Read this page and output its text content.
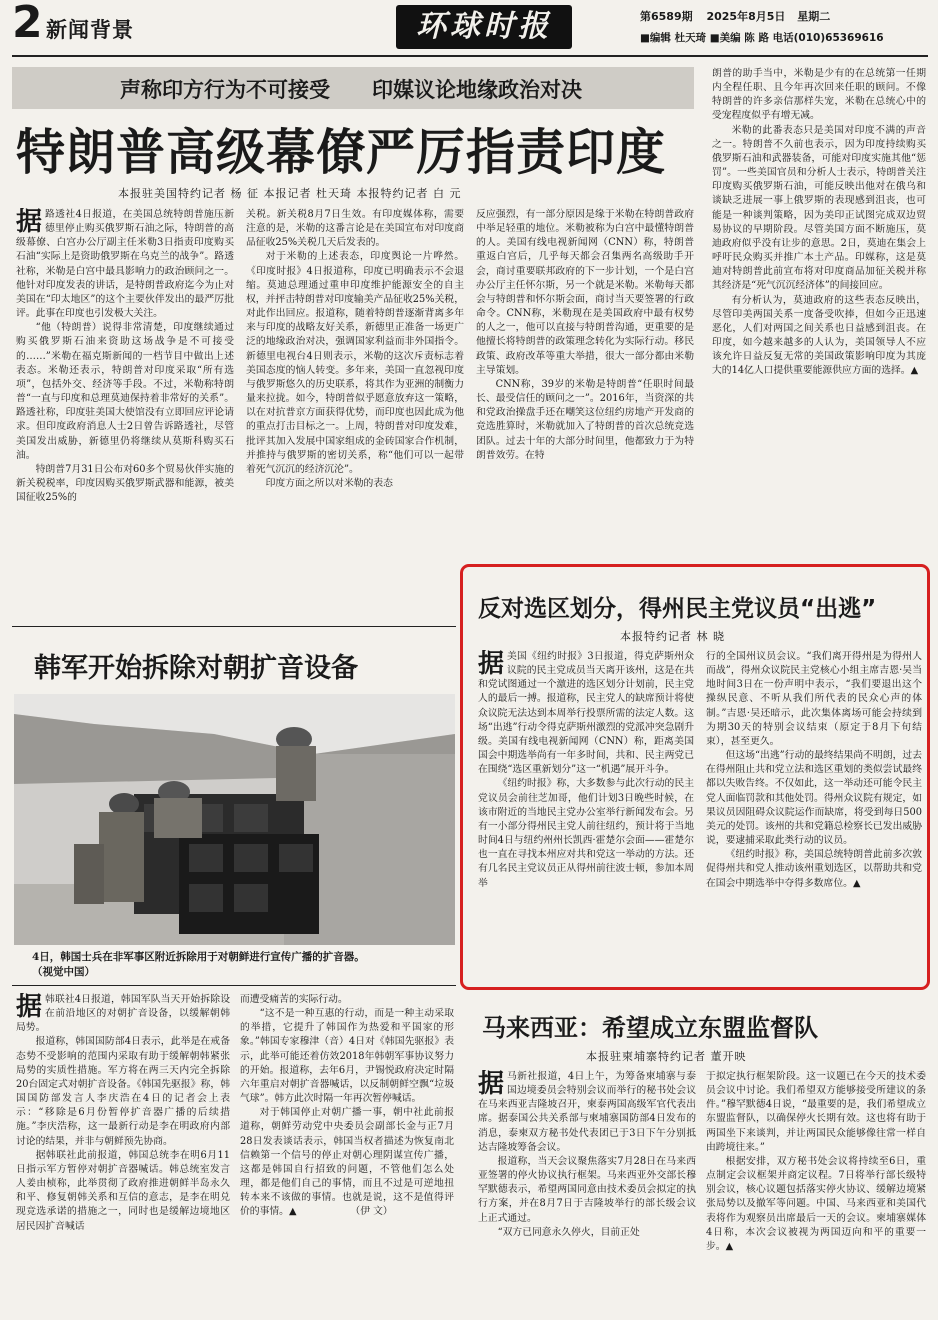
2 新闻背景	环球时报	第6589期 2025年8月5日 星期二
■编辑 杜天琦 ■美编 陈 路 电话(010)65369616
声称印方行为不可接受　　印媒议论地缘政治对决
特朗普高级幕僚严厉指责印度
本报驻美国特约记者 杨 征 本报记者 杜天琦 本报特约记者 白 元

朗普的助手当中，米勒是少有的在总统第一任期内全程任职、且今年再次回来任职的顾问。不像特朗普的许多亲信那样失宠，米勒在总统心中的受宠程度似乎有增无减。

米勒的此番表态只是美国对印度不满的声音之一。特朗普不久前也表示，因为印度持续购买俄罗斯石油和武器装备，可能对印度实施其他“惩罚”。一些美国官员和分析人士表示，特朗普关注印度购买俄罗斯石油，可能反映出他对在俄乌和谈缺乏进展一事上俄罗斯的表现感到沮丧，也可能是一种谈判策略，因为美印正试图完成双边贸易协议的早期阶段。尽管美国方面不断施压，莫迪政府似乎没有让步的意思。2日，莫迪在集会上呼吁民众购买并推广本土产品。印媒称，这是莫迪对特朗普此前宣布将对印度商品加征关税并称其经济是“死气沉沉经济体”的间接回应。

有分析认为，莫迪政府的这些表态反映出，尽管印美两国关系一度备受吹捧，但如今正迅速恶化，人们对两国之间关系也日益感到沮丧。在印度，如今越来越多的人认为，美国领导人不应该允许日益反复无常的美国政策影响印度为其庞大的14亿人口提供重要能源供应方面的选择。▲

据路透社4日报道，在美国总统特朗普施压新德里停止购买俄罗斯石油之际，特朗普的高级幕僚、白宫办公厅副主任米勒3日指责印度购买石油“实际上是资助俄罗斯在乌克兰的战争”。路透社称，米勒是白宫中最具影响力的政治顾问之一。他针对印度发表的讲话，是特朗普政府迄今为止对美国在“印太地区”的这个主要伙伴发出的最严厉批评。此事在印度也引发极大关注。

“他（特朗普）说得非常清楚，印度继续通过购买俄罗斯石油来资助这场战争是不可接受的……”米勒在福克斯新闻的一档节目中做出上述表态。米勒还表示，特朗普对印度采取“所有选项”，包括外交、经济等手段。不过，米勒称特朗普“一直与印度和总理莫迪保持着非常好的关系”。路透社称，印度驻美国大使馆没有立即回应评论请求。但印度政府消息人士2日曾告诉路透社，尽管美国发出威胁，新德里仍将继续从莫斯科购买石油。

特朗普7月31日公布对60多个贸易伙伴实施的新关税税率，印度因购买俄罗斯武器和能源，被美国征收25%的

关税。新关税8月7日生效。有印度媒体称，需要注意的是，米勒的这番言论是在美国宣布对印度商品征收25%关税几天后发表的。

对于米勒的上述表态，印度舆论一片哗然。《印度时报》4日报道称，印度已明确表示不会退缩。莫迪总理通过重申印度维护能源安全的自主权，并抨击特朗普对印度输美产品征收25%关税，对此作出回应。报道称，随着特朗普逐渐背离多年来与印度的战略友好关系，新德里正准备一场更广泛的地缘政治对决，强调国家利益而非外国指令。新德里电视台4日则表示，米勒的这次斥责标志着美国态度的恼人转变。多年来，美国一直忽视印度与俄罗斯悠久的历史联系，将其作为亚洲的制衡力量来拉拢。如今，特朗普似乎愿意放弃这一策略，以在对抗普京方面获得优势，而印度也因此成为他的重点打击目标之一。上周，特朗普对印度发难，批评其加入发展中国家组成的金砖国家合作机制，并推持与俄罗斯的密切关系，称“他们可以一起带着死气沉沉的经济沉沦”。

印度方面之所以对米勒的表态

反应强烈，有一部分原因是缘于米勒在特朗普政府中举足轻重的地位。米勒被称为白宫中最懂特朗普的人。美国有线电视新闻网（CNN）称，特朗普重返白宫后，几乎每天都会召集两名高级助手开会，商讨重要联邦政府的下一步计划，一个是白宫办公厅主任怀尔斯，另一个就是米勒。米勒每天都会与特朗普和怀尔斯会面，商讨当天要签署的行政命令。CNN称，米勒现在是美国政府中最有权势的人之一，他可以直接与特朗普沟通，更重要的是他擅长将特朗普的政策理念转化为实际行动。移民政策、政府改革等重大举措，很大一部分都由米勒主导策划。

CNN称，39岁的米勒是特朗普“任职时间最长、最受信任的顾问之一”。2016年，当资深的共和党政治操盘手还在嘲笑这位纽约房地产开发商的竞选胜算时，米勒就加入了特朗普的首次总统竞选团队。过去十年的大部分时间里，他都致力于为特朗普效劳。在特

韩军开始拆除对朝扩音设备
4日，韩国士兵在非军事区附近拆除用于对朝鲜进行宣传广播的扩音器。　　　　　　　　　　　　（视觉中国）

据韩联社4日报道，韩国军队当天开始拆除设在前沿地区的对朝扩音设备，以缓解朝韩局势。

报道称，韩国国防部4日表示，此举是在戒备态势不受影响的范围内采取有助于缓解朝韩紧张局势的实质性措施。军方将在两三天内完全拆除20台固定式对朝扩音设备。《韩国先驱报》称，韩国国防部发言人李庆浩在4日的记者会上表示：“移除是6月份暂停扩音器广播的后续措施。”李庆浩称，这一最新行动是李在明政府内部讨论的结果，并非与朝鲜预先协商。

据韩联社此前报道，韩国总统李在明6月11日指示军方暂停对朝扩音器喊话。韩总统室发言人姜由桢称，此举贯彻了政府推进朝鲜半岛永久和平、修复朝韩关系和互信的意志，是李在明兑现竞选承诺的措施之一，同时也是缓解边境地区居民因扩音喊话

而遭受痛苦的实际行动。

“这不是一种互惠的行动，而是一种主动采取的举措，它提升了韩国作为热爱和平国家的形象。”韩国专家穆津（音）4日对《韩国先驱报》表示，此举可能还着仿效2018年韩朝军事协议努力的开始。报道称，去年6月，尹锡悦政府决定时隔六年重启对朝扩音器喊话，以反制朝鲜空飘“垃圾气球”。韩方此次时隔一年再次暂停喊话。

对于韩国停止对朝广播一事，朝中社此前报道称，朝鲜劳动党中央委员会副部长金与正7月28日发表谈话表示，韩国当权者描述为恢复南北信赖第一个信号的停止对朝心理阴谋宣传广播，这都是韩国自行招致的问题，不管他们怎么处理，都是他们自己的事情，而且不过是可逆地扭转本来不该做的事情。也就是说，这不是值得评价的事情。▲　　　　　　（伊 文）

反对选区划分，得州民主党议员“出逃”
本报特约记者 林 晓

据美国《纽约时报》3日报道，得克萨斯州众议院的民主党成员当天离开该州，这是在共和党试图通过一个激进的选区划分计划前，民主党人的最后一搏。报道称，民主党人的缺席预计将使众议院无法达到本周举行投票所需的法定人数。这场“出逃”行动令得克萨斯州激烈的党派冲突急剧升级。美国有线电视新闻网（CNN）称，距离美国国会中期选举尚有一年多时间，共和、民主两党已在围绕“选区重新划分”这一“机遇”展开斗争。

《纽约时报》称，大多数参与此次行动的民主党议员会前往芝加哥，他们计划3日晚些时候，在该市附近的当地民主党办公室举行新闻发布会。另有一小部分得州民主党人前往纽约，预计将于当地时间4日与纽约州州长凯西·霍楚尔会面——霍楚尔也一直在寻找本州应对共和党这一举动的方法。还有几名民主党议员正从得州前往波士顿，参加本周举

行的全国州议员会议。“我们离开得州是为得州人而战”，得州众议院民主党核心小组主席吉恩·吴当地时间3日在一份声明中表示，“我们要退出这个操纵民意、不听从我们所代表的民众心声的体制。”吉恩·吴还暗示，此次集体离场可能会持续到为期30天的特别会议结束（原定于8月下旬结束），甚至更久。

但这场“出逃”行动的最终结果尚不明朗，过去在得州阻止共和党立法和选区重划的类似尝试最终都以失败告终。不仅如此，这一举动还可能令民主党人面临罚款和其他处罚。得州众议院有规定，如果议员因阻碍众议院运作而缺席，将受到每日500美元的处罚。该州的共和党籍总检察长已发出威胁说，要逮捕采取此类行动的议员。

《纽约时报》称，美国总统特朗普此前多次敦促得州共和党人推动该州重划选区，以帮助共和党在国会中期选举中夺得多数席位。▲

马来西亚：希望成立东盟监督队
本报驻柬埔寨特约记者 董开映

据马新社报道，4日上午，为筹备柬埔寨与泰国边境委员会特别会议而举行的秘书处会议在马来西亚吉隆坡召开，柬泰两国高级军官代表出席。据泰国公共关系部与柬埔寨国防部4日发布的消息，泰柬双方秘书处代表团已于3日下午分别抵达吉隆坡筹备会议。

报道称，当天会议聚焦落实7月28日在马来西亚签署的停火协议执行框架。马来西亚外交部长穆罕默德表示，希望两国同意由技术委员会拟定的执行方案，并在8月7日于吉隆坡举行的部长级会议上正式通过。

“双方已同意永久停火，目前正处

于拟定执行框架阶段。这一议题已在今天的技术委员会议中讨论。我们希望双方能够接受所建议的条件。”穆罕默德4日说，“最重要的是，我们希望成立东盟监督队，以确保停火长期有效。这也将有助于两国坐下来谈判，并让两国民众能够像往常一样自由跨境往来。”

根据安排，双方秘书处会议将持续至6日，重点制定会议框架并商定议程。7日将举行部长级特别会议，核心议题包括落实停火协议、缓解边境紧张局势以及撤军等问题。中国、马来西亚和美国代表将作为观察员出席最后一天的会议。柬埔寨媒体4日称，本次会议被视为两国迈向和平的重要一步。▲
